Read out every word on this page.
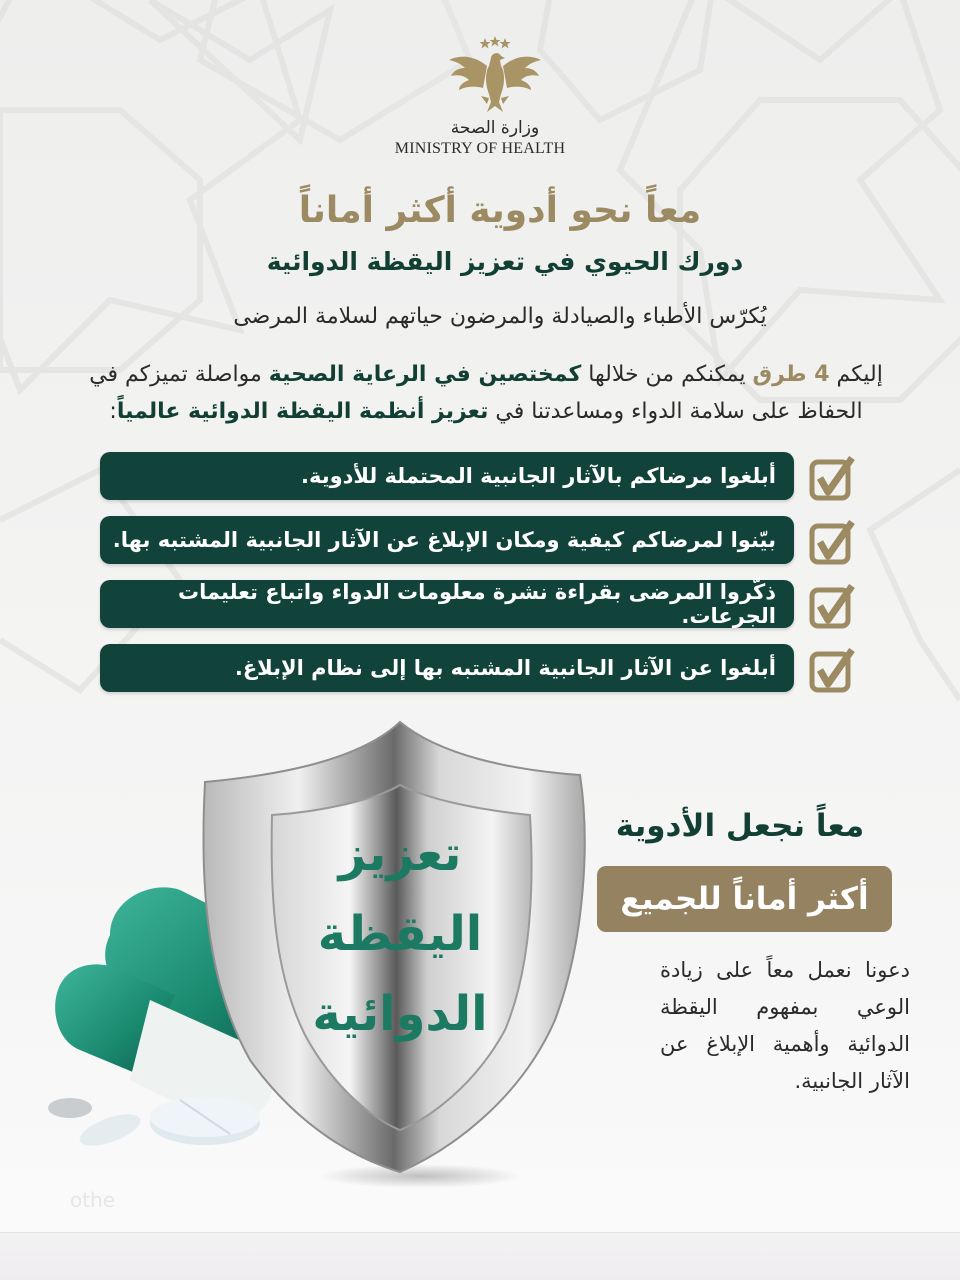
وزارة الصحة
MINISTRY OF HEALTH
معاً نحو أدوية أكثر أماناً
دورك الحيوي في تعزيز اليقظة الدوائية
يُكرّس الأطباء والصيادلة والمرضون حياتهم لسلامة المرضى
إليكم 4 طرق يمكنكم من خلالها كمختصين في الرعاية الصحية مواصلة تميزكم في الحفاظ على سلامة الدواء ومساعدتنا في تعزيز أنظمة اليقظة الدوائية عالمياً:
أبلغوا مرضاكم بالآثار الجانبية المحتملة للأدوية.
بيّنوا لمرضاكم كيفية ومكان الإبلاغ عن الآثار الجانبية المشتبه بها.
ذكّروا المرضى بقراءة نشرة معلومات الدواء واتباع تعليمات الجرعات.
أبلغوا عن الآثار الجانبية المشتبه بها إلى نظام الإبلاغ.
تعزيز
اليقظة
الدوائية
معاً نجعل الأدوية
أكثر أماناً للجميع
دعونا نعمل معاً على زيادة الوعي بمفهوم اليقظة الدوائية وأهمية الإبلاغ عن الآثار الجانبية.
othe
